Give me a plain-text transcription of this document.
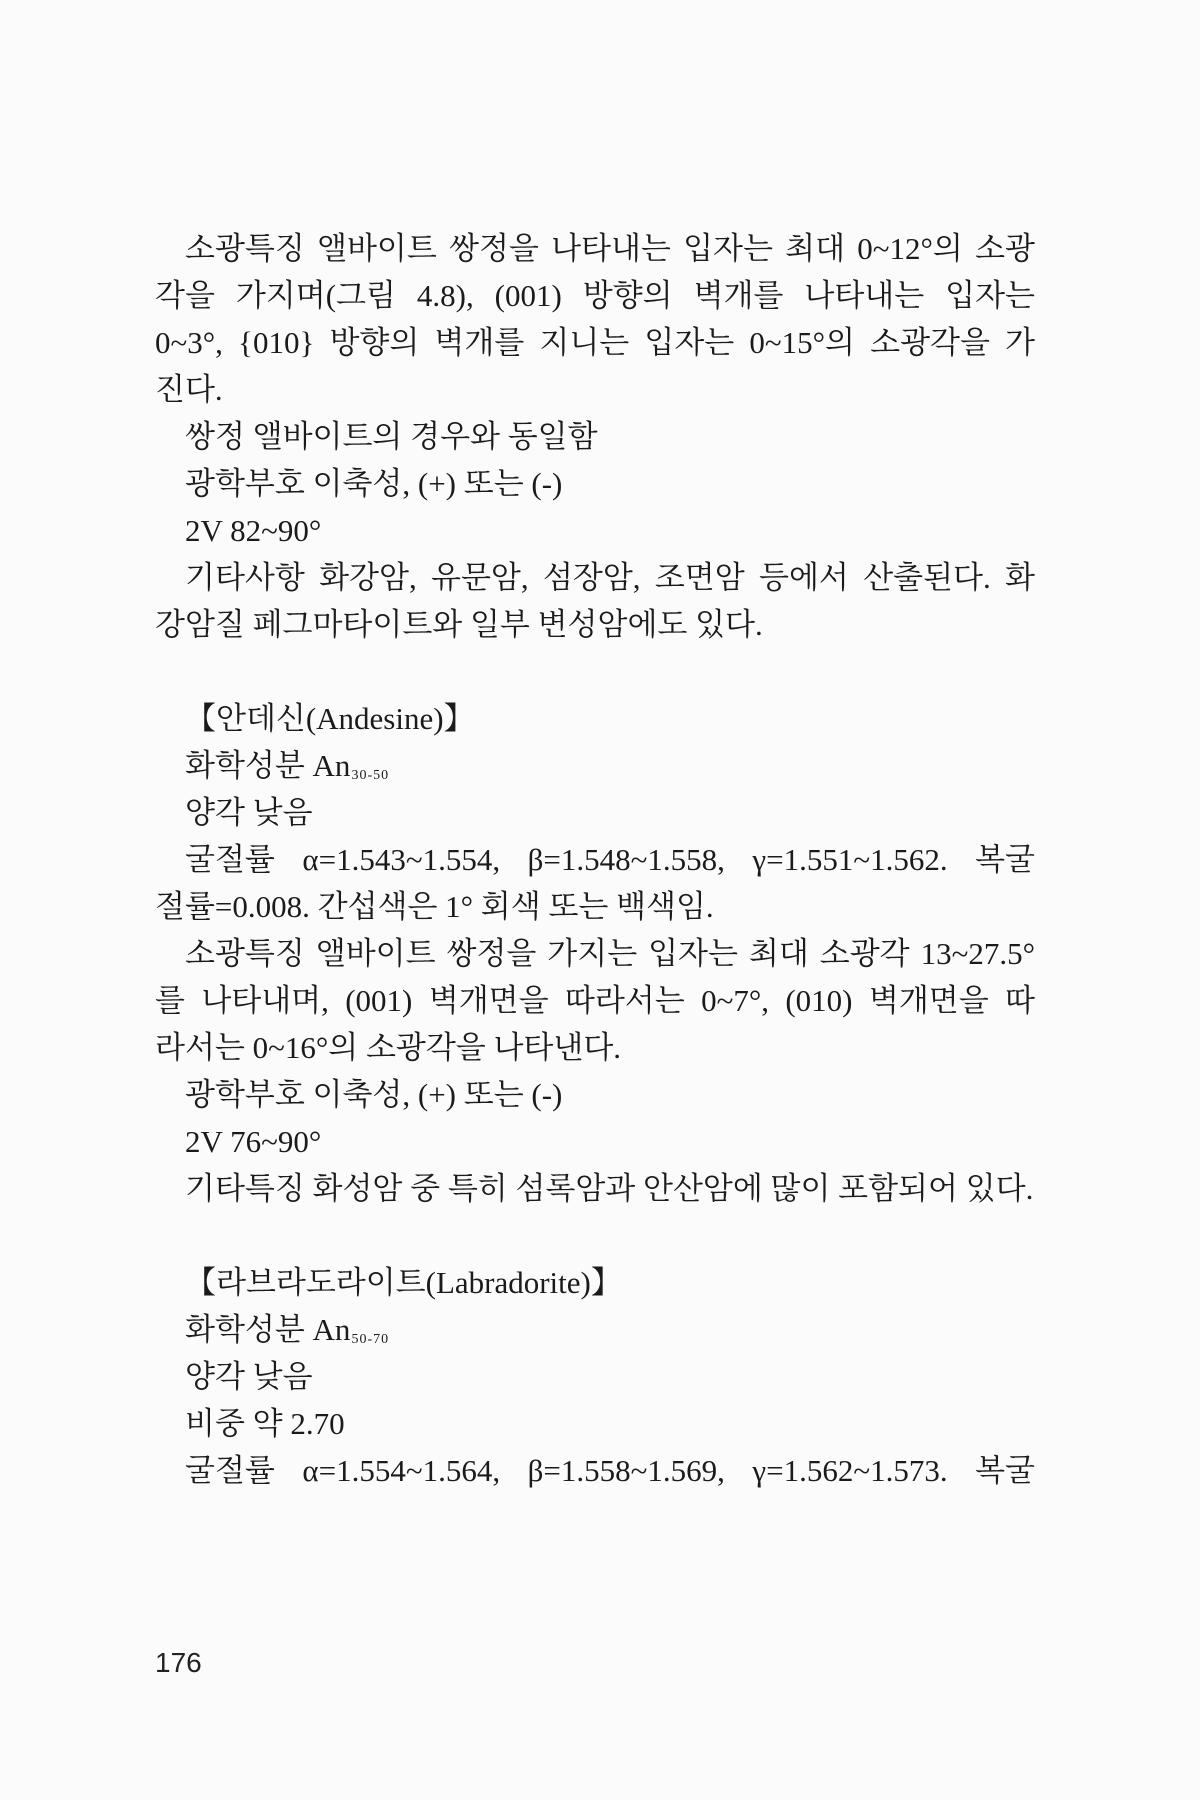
소광특징 앨바이트 쌍정을 나타내는 입자는 최대 0~12°의 소광
각을 가지며(그림 4.8), (001) 방향의 벽개를 나타내는 입자는
0~3°, {010} 방향의 벽개를 지니는 입자는 0~15°의 소광각을 가
진다.
쌍정 앨바이트의 경우와 동일함
광학부호 이축성, (+) 또는 (-)
2V 82~90°
기타사항 화강암, 유문암, 섬장암, 조면암 등에서 산출된다. 화
강암질 페그마타이트와 일부 변성암에도 있다.
【안데신(Andesine)】
화학성분 $An_{30-50}$
양각 낮음
굴절률 α=1.543~1.554, β=1.548~1.558, γ=1.551~1.562. 복굴
절률=0.008. 간섭색은 1° 회색 또는 백색임.
소광특징 앨바이트 쌍정을 가지는 입자는 최대 소광각 13~27.5°
를 나타내며, (001) 벽개면을 따라서는 0~7°, (010) 벽개면을 따
라서는 0~16°의 소광각을 나타낸다.
광학부호 이축성, (+) 또는 (-)
2V 76~90°
기타특징 화성암 중 특히 섬록암과 안산암에 많이 포함되어 있다.
【라브라도라이트(Labradorite)】
화학성분 $An_{50-70}$
양각 낮음
비중 약 2.70
굴절률 α=1.554~1.564, β=1.558~1.569, γ=1.562~1.573. 복굴
176
